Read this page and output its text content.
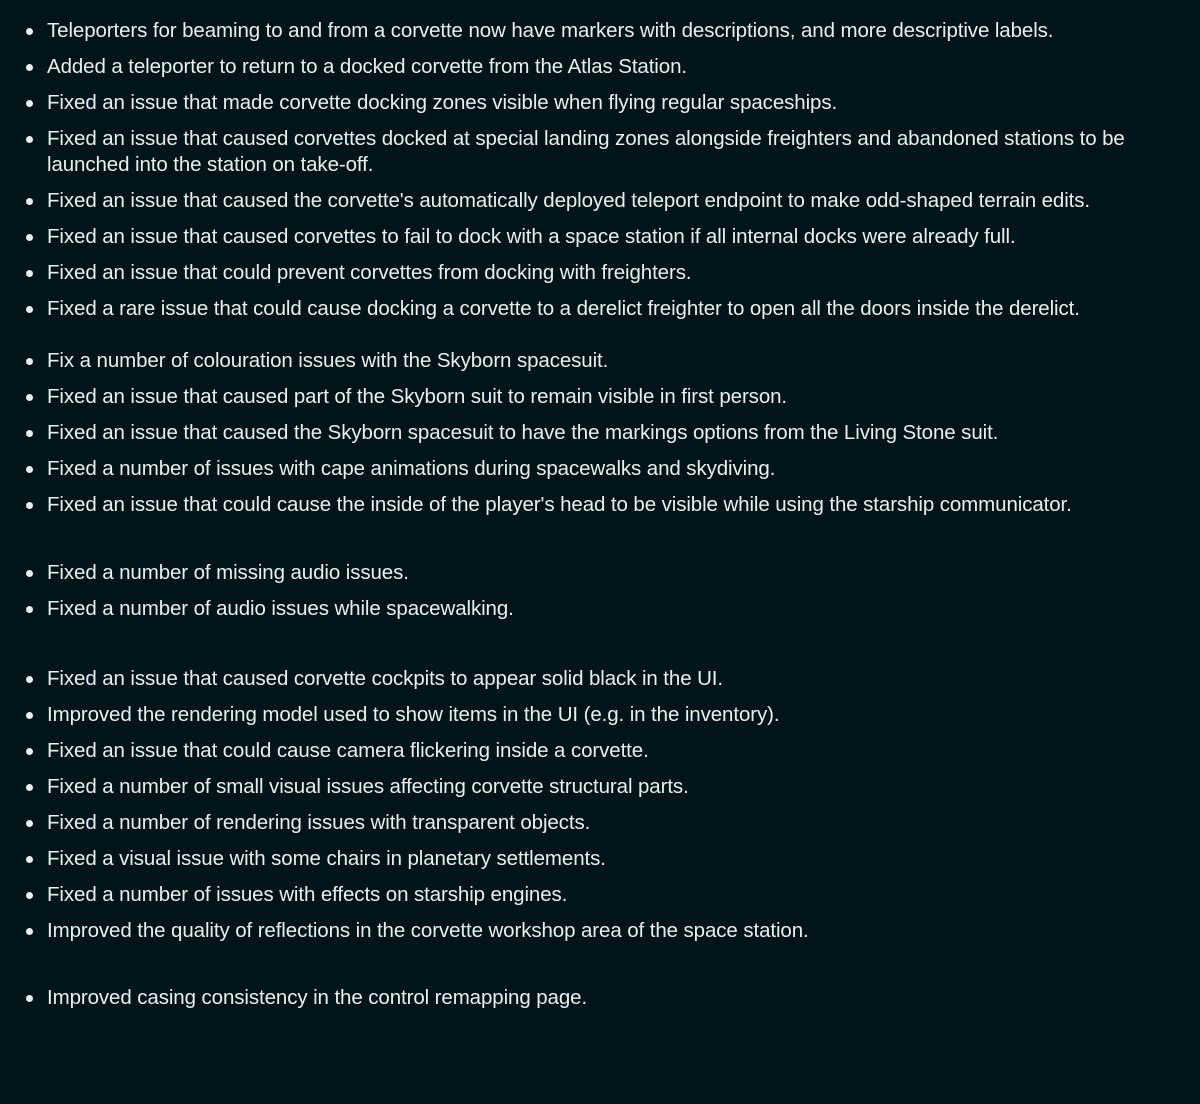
Teleporters for beaming to and from a corvette now have markers with descriptions, and more descriptive labels.
Added a teleporter to return to a docked corvette from the Atlas Station.
Fixed an issue that made corvette docking zones visible when flying regular spaceships.
Fixed an issue that caused corvettes docked at special landing zones alongside freighters and abandoned stations to be launched into the station on take-off.
Fixed an issue that caused the corvette's automatically deployed teleport endpoint to make odd-shaped terrain edits.
Fixed an issue that caused corvettes to fail to dock with a space station if all internal docks were already full.
Fixed an issue that could prevent corvettes from docking with freighters.
Fixed a rare issue that could cause docking a corvette to a derelict freighter to open all the doors inside the derelict.
Fix a number of colouration issues with the Skyborn spacesuit.
Fixed an issue that caused part of the Skyborn suit to remain visible in first person.
Fixed an issue that caused the Skyborn spacesuit to have the markings options from the Living Stone suit.
Fixed a number of issues with cape animations during spacewalks and skydiving.
Fixed an issue that could cause the inside of the player's head to be visible while using the starship communicator.
Fixed a number of missing audio issues.
Fixed a number of audio issues while spacewalking.
Fixed an issue that caused corvette cockpits to appear solid black in the UI.
Improved the rendering model used to show items in the UI (e.g. in the inventory).
Fixed an issue that could cause camera flickering inside a corvette.
Fixed a number of small visual issues affecting corvette structural parts.
Fixed a number of rendering issues with transparent objects.
Fixed a visual issue with some chairs in planetary settlements.
Fixed a number of issues with effects on starship engines.
Improved the quality of reflections in the corvette workshop area of the space station.
Improved casing consistency in the control remapping page.
